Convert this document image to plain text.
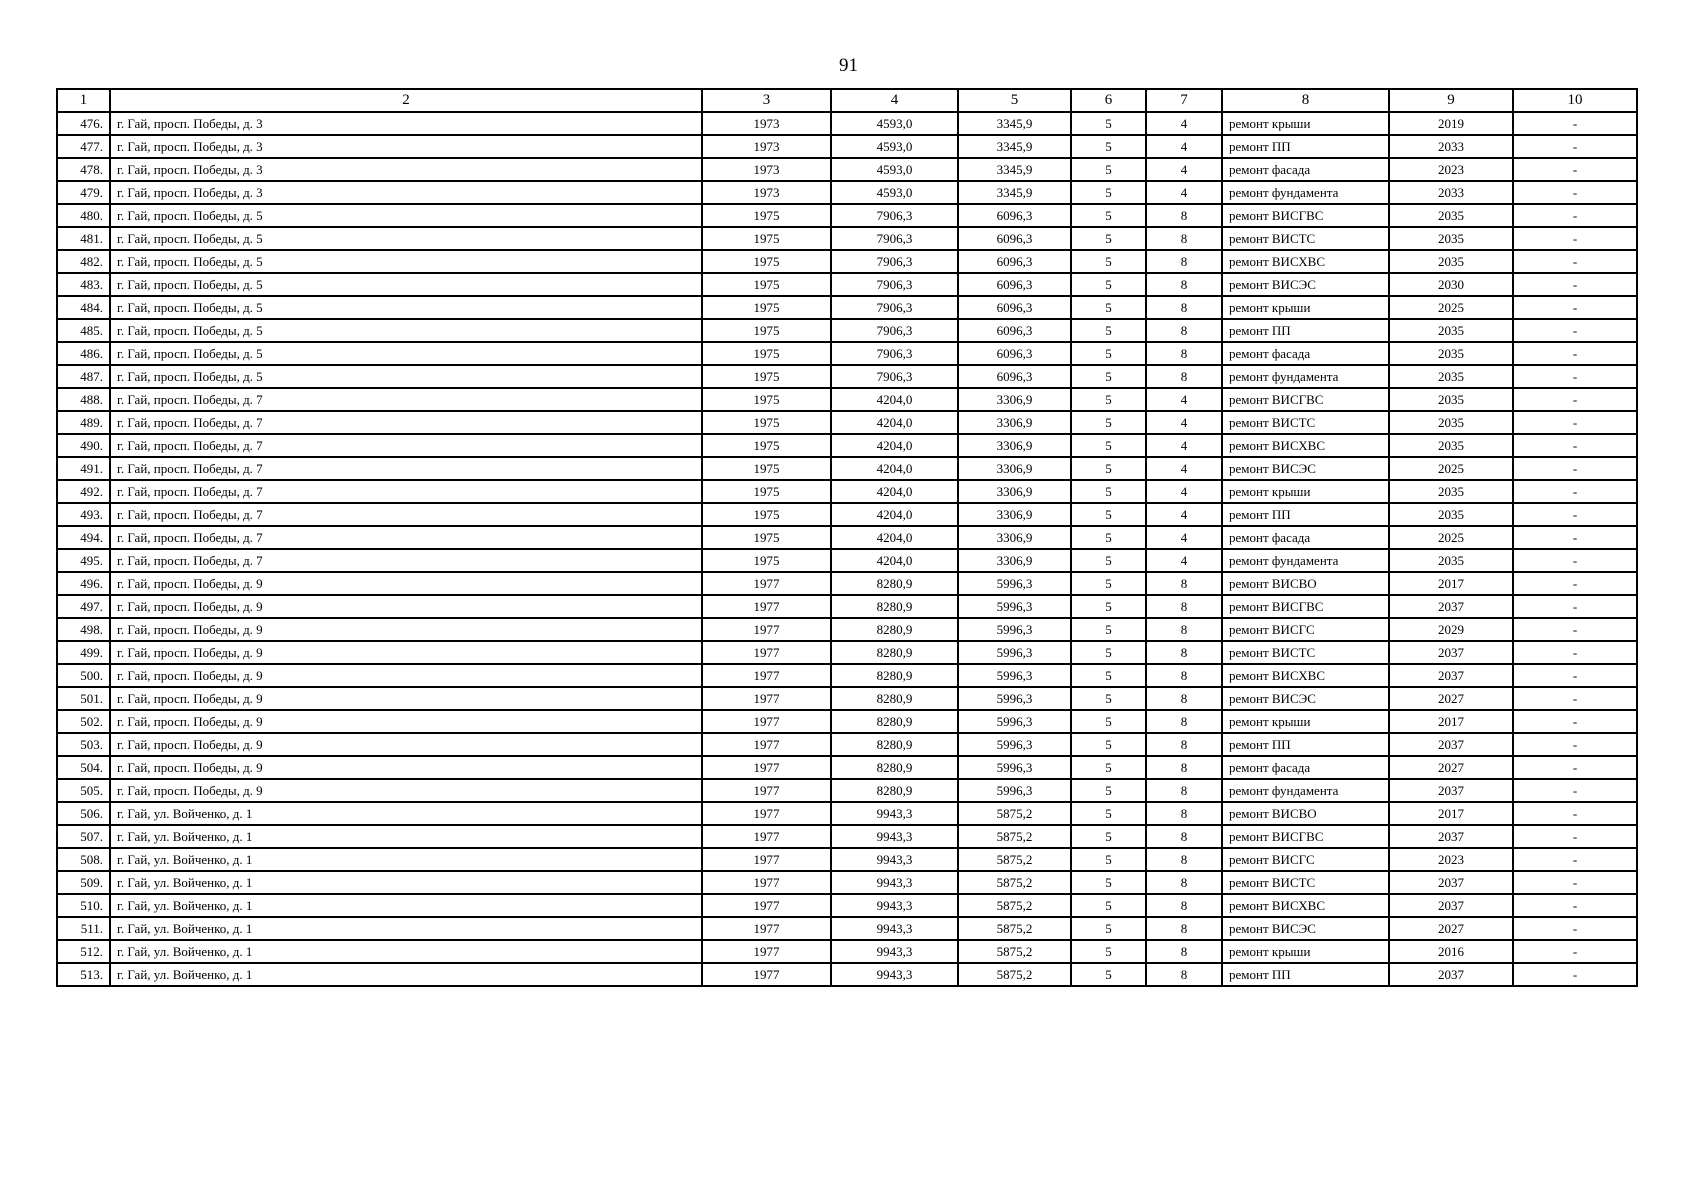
91
1	2	3	4	5	6	7	8	9	10
476.	г. Гай, просп. Победы, д. 3	1973	4593,0	3345,9	5	4	ремонт крыши	2019	-
477.	г. Гай, просп. Победы, д. 3	1973	4593,0	3345,9	5	4	ремонт ПП	2033	-
478.	г. Гай, просп. Победы, д. 3	1973	4593,0	3345,9	5	4	ремонт фасада	2023	-
479.	г. Гай, просп. Победы, д. 3	1973	4593,0	3345,9	5	4	ремонт фундамента	2033	-
480.	г. Гай, просп. Победы, д. 5	1975	7906,3	6096,3	5	8	ремонт ВИСГВС	2035	-
481.	г. Гай, просп. Победы, д. 5	1975	7906,3	6096,3	5	8	ремонт ВИСТС	2035	-
482.	г. Гай, просп. Победы, д. 5	1975	7906,3	6096,3	5	8	ремонт ВИСХВС	2035	-
483.	г. Гай, просп. Победы, д. 5	1975	7906,3	6096,3	5	8	ремонт ВИСЭС	2030	-
484.	г. Гай, просп. Победы, д. 5	1975	7906,3	6096,3	5	8	ремонт крыши	2025	-
485.	г. Гай, просп. Победы, д. 5	1975	7906,3	6096,3	5	8	ремонт ПП	2035	-
486.	г. Гай, просп. Победы, д. 5	1975	7906,3	6096,3	5	8	ремонт фасада	2035	-
487.	г. Гай, просп. Победы, д. 5	1975	7906,3	6096,3	5	8	ремонт фундамента	2035	-
488.	г. Гай, просп. Победы, д. 7	1975	4204,0	3306,9	5	4	ремонт ВИСГВС	2035	-
489.	г. Гай, просп. Победы, д. 7	1975	4204,0	3306,9	5	4	ремонт ВИСТС	2035	-
490.	г. Гай, просп. Победы, д. 7	1975	4204,0	3306,9	5	4	ремонт ВИСХВС	2035	-
491.	г. Гай, просп. Победы, д. 7	1975	4204,0	3306,9	5	4	ремонт ВИСЭС	2025	-
492.	г. Гай, просп. Победы, д. 7	1975	4204,0	3306,9	5	4	ремонт крыши	2035	-
493.	г. Гай, просп. Победы, д. 7	1975	4204,0	3306,9	5	4	ремонт ПП	2035	-
494.	г. Гай, просп. Победы, д. 7	1975	4204,0	3306,9	5	4	ремонт фасада	2025	-
495.	г. Гай, просп. Победы, д. 7	1975	4204,0	3306,9	5	4	ремонт фундамента	2035	-
496.	г. Гай, просп. Победы, д. 9	1977	8280,9	5996,3	5	8	ремонт ВИСВО	2017	-
497.	г. Гай, просп. Победы, д. 9	1977	8280,9	5996,3	5	8	ремонт ВИСГВС	2037	-
498.	г. Гай, просп. Победы, д. 9	1977	8280,9	5996,3	5	8	ремонт ВИСГС	2029	-
499.	г. Гай, просп. Победы, д. 9	1977	8280,9	5996,3	5	8	ремонт ВИСТС	2037	-
500.	г. Гай, просп. Победы, д. 9	1977	8280,9	5996,3	5	8	ремонт ВИСХВС	2037	-
501.	г. Гай, просп. Победы, д. 9	1977	8280,9	5996,3	5	8	ремонт ВИСЭС	2027	-
502.	г. Гай, просп. Победы, д. 9	1977	8280,9	5996,3	5	8	ремонт крыши	2017	-
503.	г. Гай, просп. Победы, д. 9	1977	8280,9	5996,3	5	8	ремонт ПП	2037	-
504.	г. Гай, просп. Победы, д. 9	1977	8280,9	5996,3	5	8	ремонт фасада	2027	-
505.	г. Гай, просп. Победы, д. 9	1977	8280,9	5996,3	5	8	ремонт фундамента	2037	-
506.	г. Гай, ул. Войченко, д. 1	1977	9943,3	5875,2	5	8	ремонт ВИСВО	2017	-
507.	г. Гай, ул. Войченко, д. 1	1977	9943,3	5875,2	5	8	ремонт ВИСГВС	2037	-
508.	г. Гай, ул. Войченко, д. 1	1977	9943,3	5875,2	5	8	ремонт ВИСГС	2023	-
509.	г. Гай, ул. Войченко, д. 1	1977	9943,3	5875,2	5	8	ремонт ВИСТС	2037	-
510.	г. Гай, ул. Войченко, д. 1	1977	9943,3	5875,2	5	8	ремонт ВИСХВС	2037	-
511.	г. Гай, ул. Войченко, д. 1	1977	9943,3	5875,2	5	8	ремонт ВИСЭС	2027	-
512.	г. Гай, ул. Войченко, д. 1	1977	9943,3	5875,2	5	8	ремонт крыши	2016	-
513.	г. Гай, ул. Войченко, д. 1	1977	9943,3	5875,2	5	8	ремонт ПП	2037	-
